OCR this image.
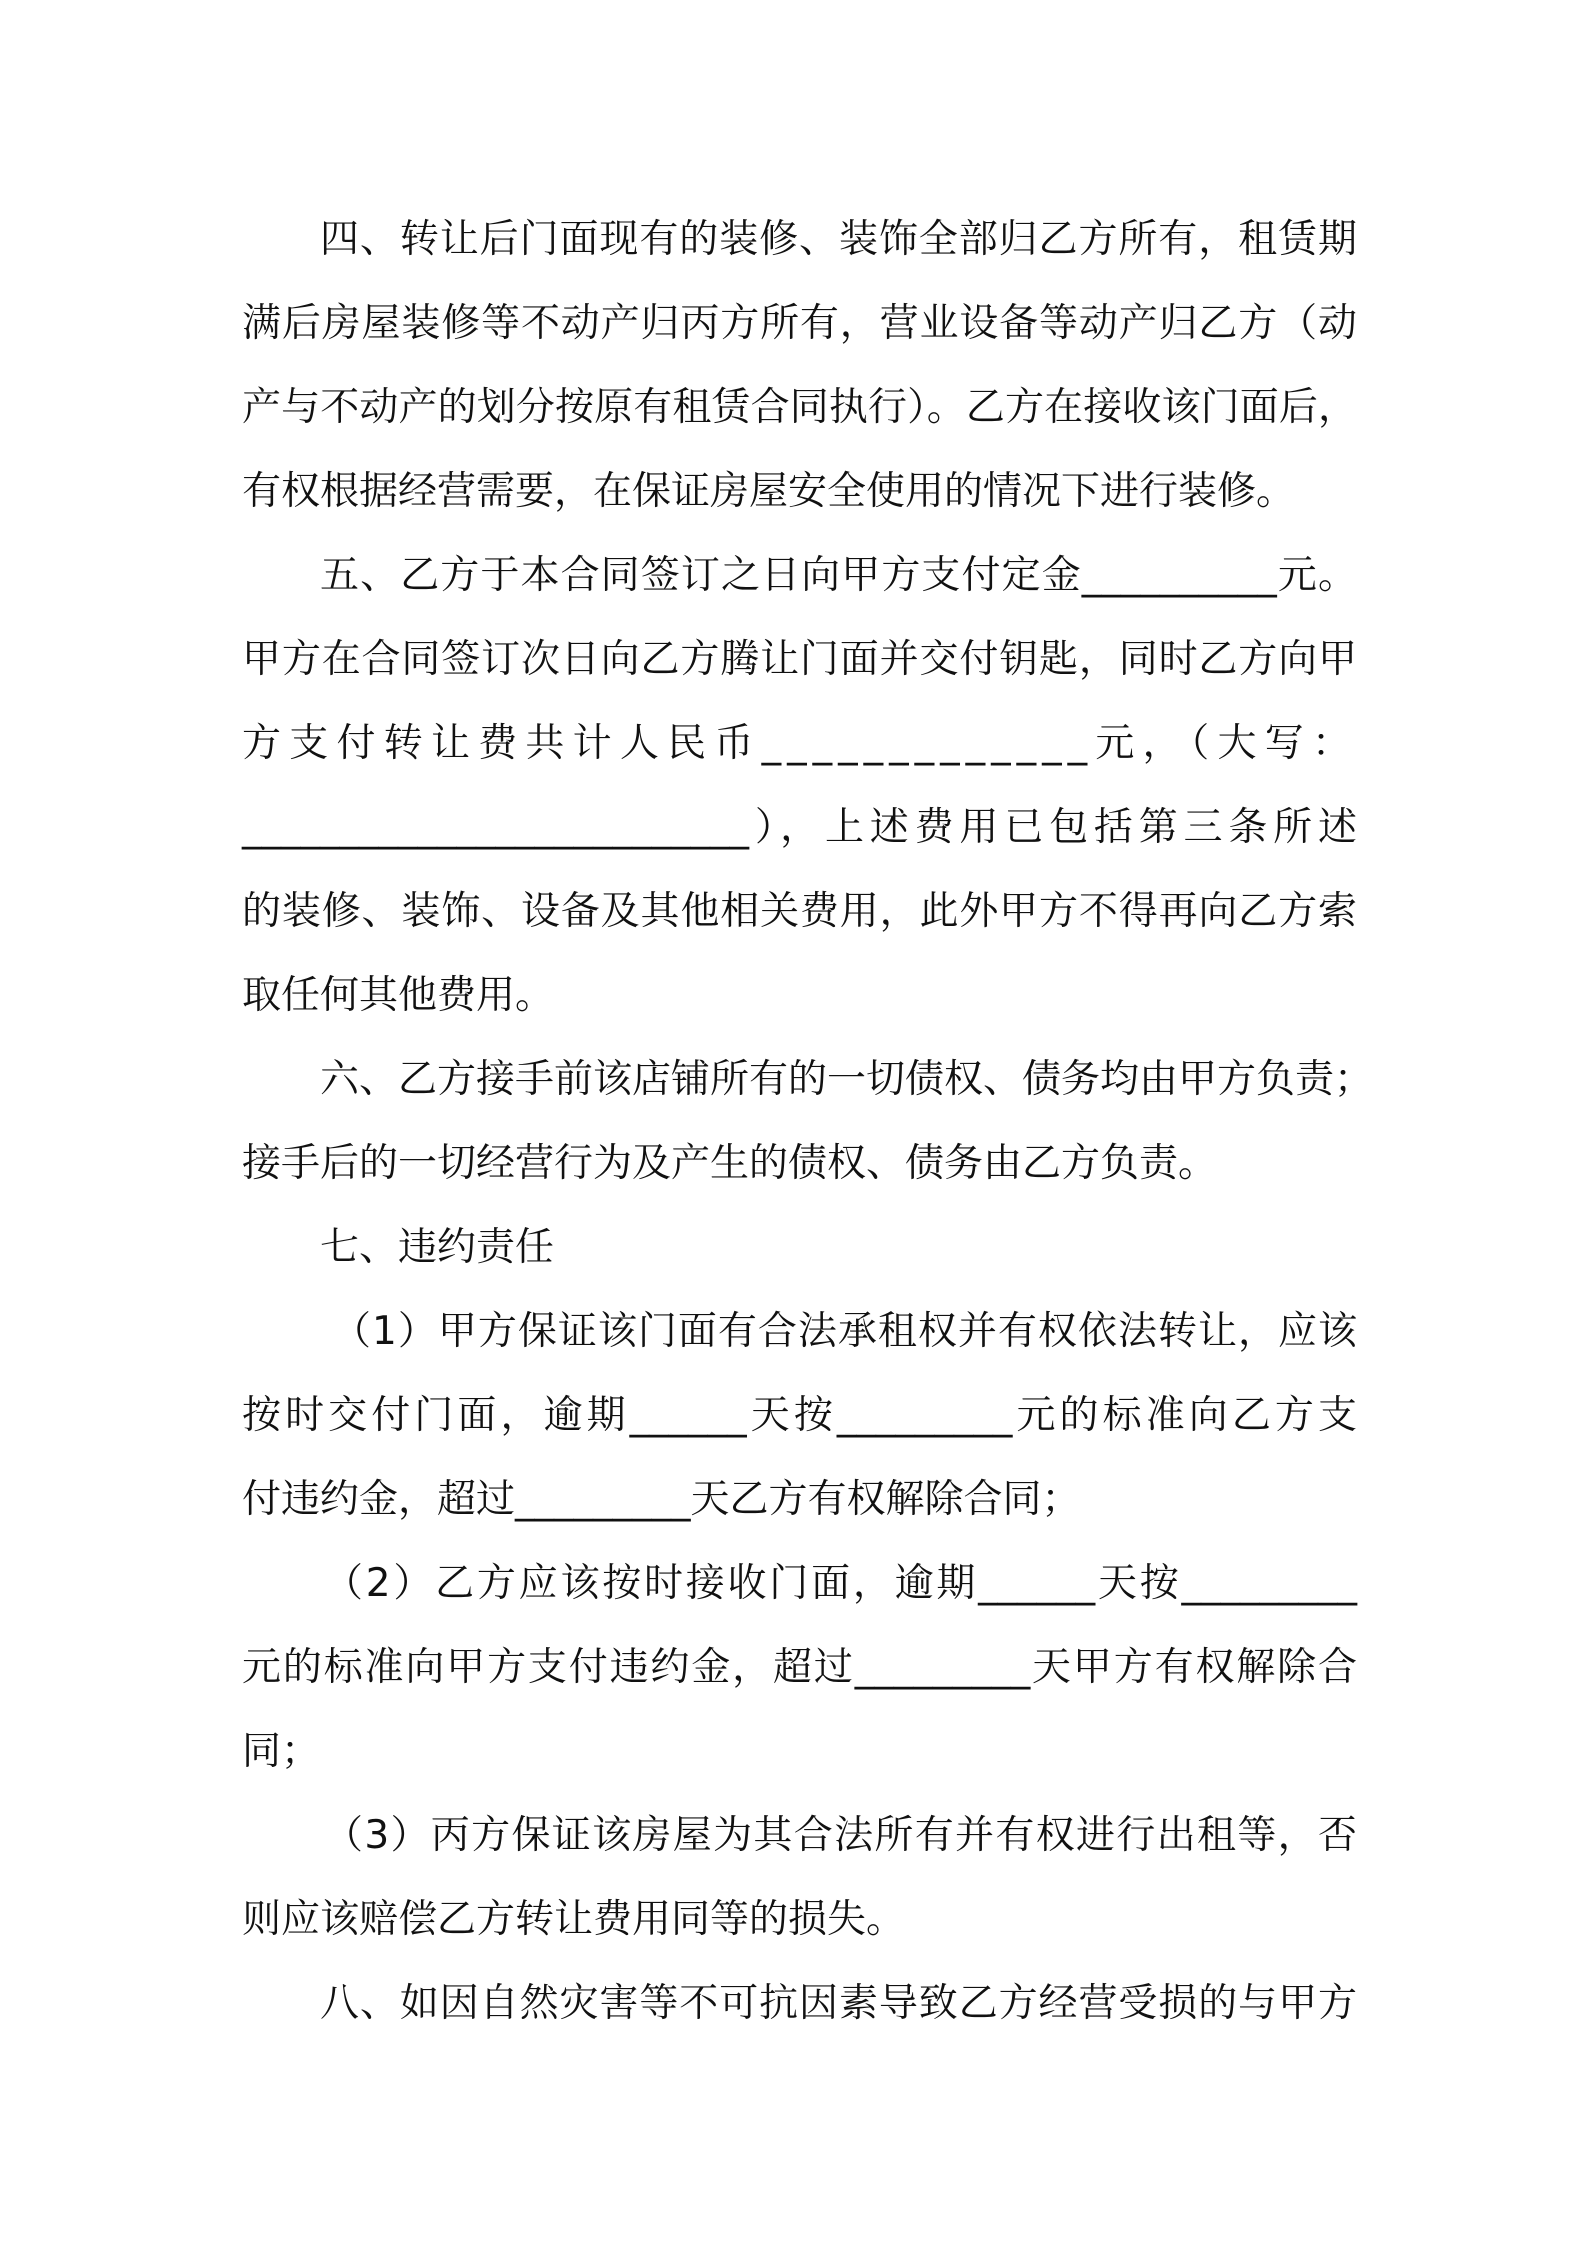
四、转让后门面现有的装修、装饰全部归乙方所有，租赁期
满后房屋装修等不动产归丙方所有，营业设备等动产归乙方（动
产与不动产的划分按原有租赁合同执行）。乙方在接收该门面后，
有权根据经营需要，在保证房屋安全使用的情况下进行装修。
五、乙方于本合同签订之日向甲方支付定金__________元。
甲方在合同签订次日向乙方腾让门面并交付钥匙，同时乙方向甲
方支付转让费共计人民币_____________元，（大写：
__________________________），上述费用已包括第三条所述
的装修、装饰、设备及其他相关费用，此外甲方不得再向乙方索
取任何其他费用。
六、乙方接手前该店铺所有的一切债权、债务均由甲方负责；
接手后的一切经营行为及产生的债权、债务由乙方负责。
七、违约责任
（1）甲方保证该门面有合法承租权并有权依法转让，应该
按时交付门面，逾期______天按_________元的标准向乙方支
付违约金，超过_________天乙方有权解除合同；
（2）乙方应该按时接收门面，逾期______天按_________
元的标准向甲方支付违约金，超过_________天甲方有权解除合
同；
（3）丙方保证该房屋为其合法所有并有权进行出租等，否
则应该赔偿乙方转让费用同等的损失。
八、如因自然灾害等不可抗因素导致乙方经营受损的与甲方
